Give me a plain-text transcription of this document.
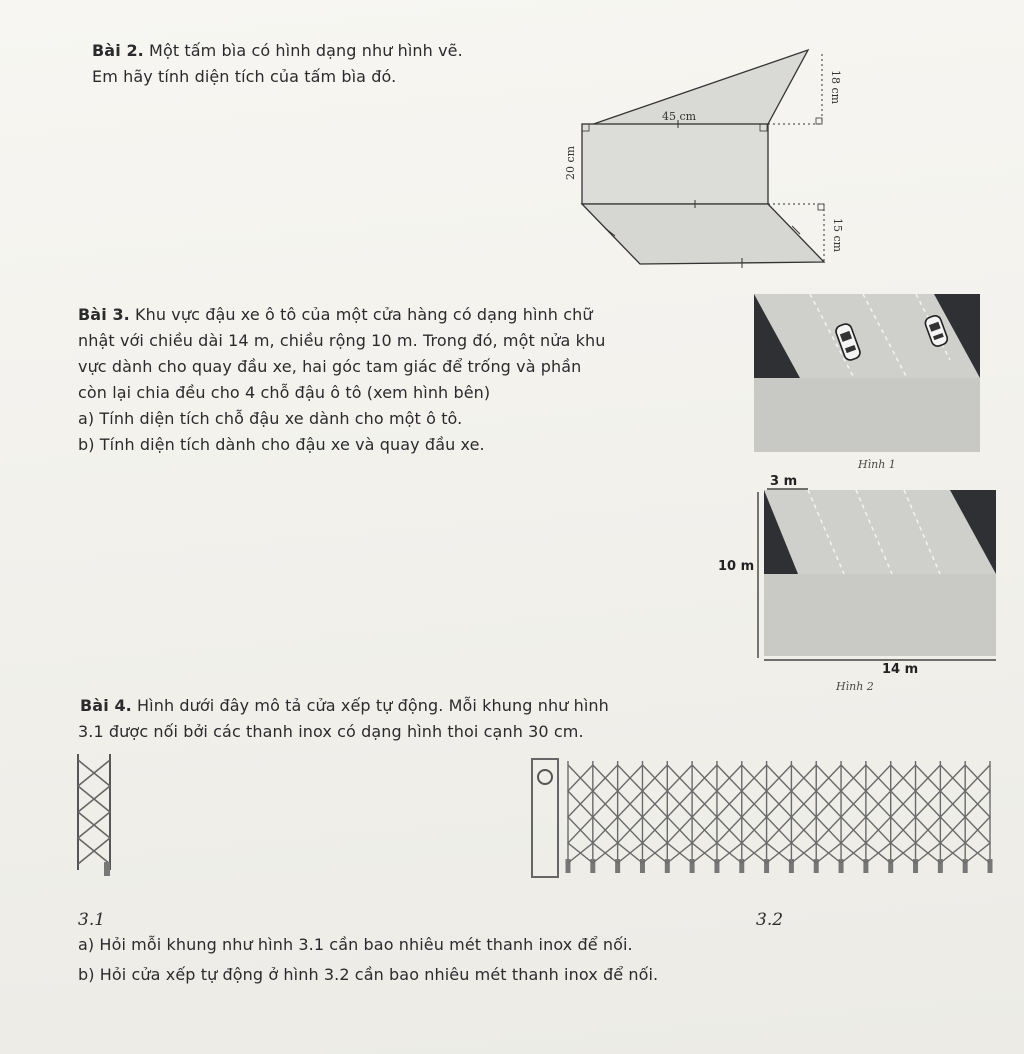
Bài 2. Một tấm bìa có hình dạng như hình vẽ.
Em hãy tính diện tích của tấm bìa đó.
45 cm
18 cm
20 cm
15 cm
Bài 3. Khu vực đậu xe ô tô của một cửa hàng có dạng hình chữ
nhật với chiều dài 14 m, chiều rộng 10 m. Trong đó, một nửa khu
vực dành cho quay đầu xe, hai góc tam giác để trống và phần
còn lại chia đều cho 4 chỗ đậu ô tô (xem hình bên)
a) Tính diện tích chỗ đậu xe dành cho một ô tô.
b) Tính diện tích dành cho đậu xe và quay đầu xe.
Hình 1
3 m
10 m
14 m
Hình 2
Bài 4. Hình dưới đây mô tả cửa xếp tự động. Mỗi khung như hình
3.1 được nối bởi các thanh inox có dạng hình thoi cạnh 30 cm.
3.1	3.2
a) Hỏi mỗi khung như hình 3.1 cần bao nhiêu mét thanh inox để nối.
b) Hỏi cửa xếp tự động ở hình 3.2 cần bao nhiêu mét thanh inox để nối.
